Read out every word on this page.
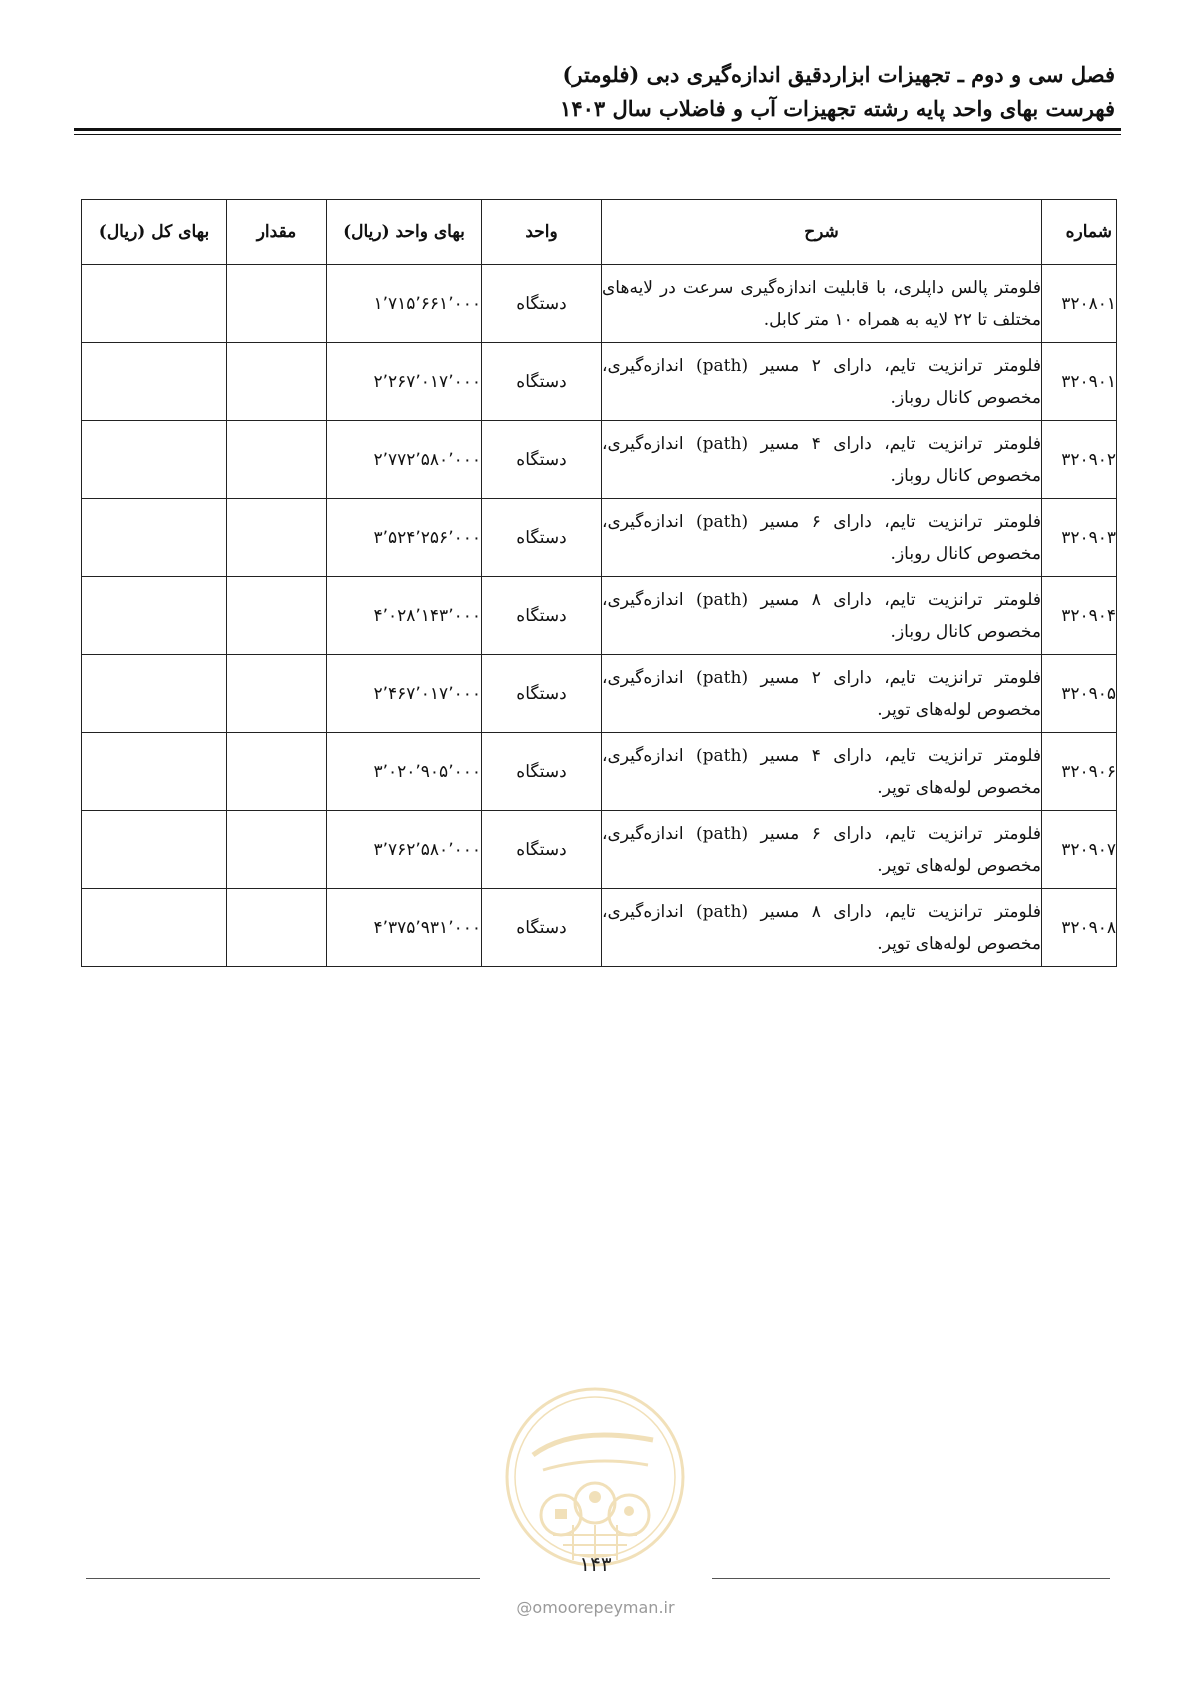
فصل سی و دوم ـ تجهیزات ابزاردقیق اندازه‌گیری دبی (فلومتر)
فهرست بهای واحد پایه رشته تجهیزات آب و فاضلاب سال ۱۴۰۳
شماره	شرح	واحد	بهای واحد (ریال)	مقدار	بهای کل (ریال)
۳۲۰۸۰۱	فلومتر پالس داپلری، با قابلیت اندازه‌گیری سرعت در لایه‌های مختلف تا ۲۲ لایه به همراه ۱۰ متر کابل.	دستگاه	۱٬۷۱۵٬۶۶۱٬۰۰۰		

۳۲۰۹۰۱	فلومتر ترانزیت تایم، دارای ۲ مسیر (path) اندازه‌گیری، مخصوص کانال روباز.	دستگاه	۲٬۲۶۷٬۰۱۷٬۰۰۰		

۳۲۰۹۰۲	فلومتر ترانزیت تایم، دارای ۴ مسیر (path) اندازه‌گیری، مخصوص کانال روباز.	دستگاه	۲٬۷۷۲٬۵۸۰٬۰۰۰		

۳۲۰۹۰۳	فلومتر ترانزیت تایم، دارای ۶ مسیر (path) اندازه‌گیری، مخصوص کانال روباز.	دستگاه	۳٬۵۲۴٬۲۵۶٬۰۰۰		

۳۲۰۹۰۴	فلومتر ترانزیت تایم، دارای ۸ مسیر (path) اندازه‌گیری، مخصوص کانال روباز.	دستگاه	۴٬۰۲۸٬۱۴۳٬۰۰۰		

۳۲۰۹۰۵	فلومتر ترانزیت تایم، دارای ۲ مسیر (path) اندازه‌گیری، مخصوص لوله‌های توپر.	دستگاه	۲٬۴۶۷٬۰۱۷٬۰۰۰		

۳۲۰۹۰۶	فلومتر ترانزیت تایم، دارای ۴ مسیر (path) اندازه‌گیری، مخصوص لوله‌های توپر.	دستگاه	۳٬۰۲۰٬۹۰۵٬۰۰۰		

۳۲۰۹۰۷	فلومتر ترانزیت تایم، دارای ۶ مسیر (path) اندازه‌گیری، مخصوص لوله‌های توپر.	دستگاه	۳٬۷۶۲٬۵۸۰٬۰۰۰		

۳۲۰۹۰۸	فلومتر ترانزیت تایم، دارای ۸ مسیر (path) اندازه‌گیری، مخصوص لوله‌های توپر.	دستگاه	۴٬۳۷۵٬۹۳۱٬۰۰۰		

۱۴۳
@omoorepeyman.ir
